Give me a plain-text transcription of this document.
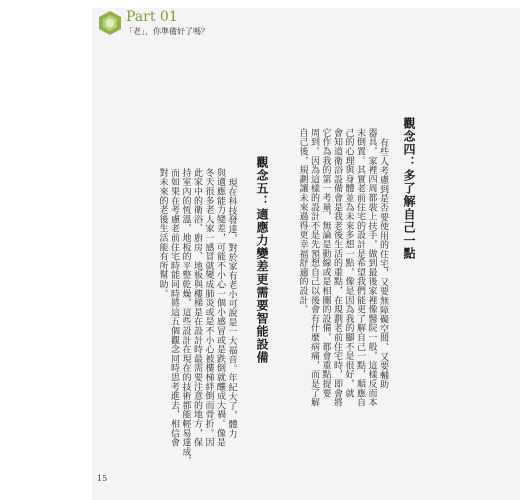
Part 01
「老」，你準備好了嗎？
觀念四：多了解自己一點
有些人考慮到是否要使用的住宅，又要無障礙空間、又要輔助
器具，家裡四周都裝上扶手，做到最後家裡像醫院一般，這樣反而本
末倒置。其實老前住宅的設計是希望我們能更了解自己一點，順應自
己的心理與身體並為未來多想一點，像是因為我的腳不是很好，就
會知道衛浴設備會是我老後生活的重點，在規劃老前住宅時，即會將
它作為我的第一考量，無論是動線或是相關的設備，都會重點提要
周到。因為這樣的設計不是先預想自己以後會有什麼病痛，而是了解
自己後，規劃讓未來過得更幸福舒適的設計。
觀念五：適應力變差更需要智能設備
現在科技發達，對於家有老小可說是一大福音。年紀大了，體力
與適應能力變差，可能不小心一個小感冒或是跌倒就釀成大禍。像是
冬天很多老人家一感冒就變成肺炎或是不小心被樓梯絆倒而骨折。因
此家中的衛浴、廚房、地板與樓梯是在設計時最需要注意的地方，保
持室內的恆溫，地板的平整乾燥，這些設計在現在的技術都能輕易達成，
而如果在考慮老前住宅時能同時將這五個觀念同時思考進去，相信會
對未來的老後生活能有所幫助。
15
